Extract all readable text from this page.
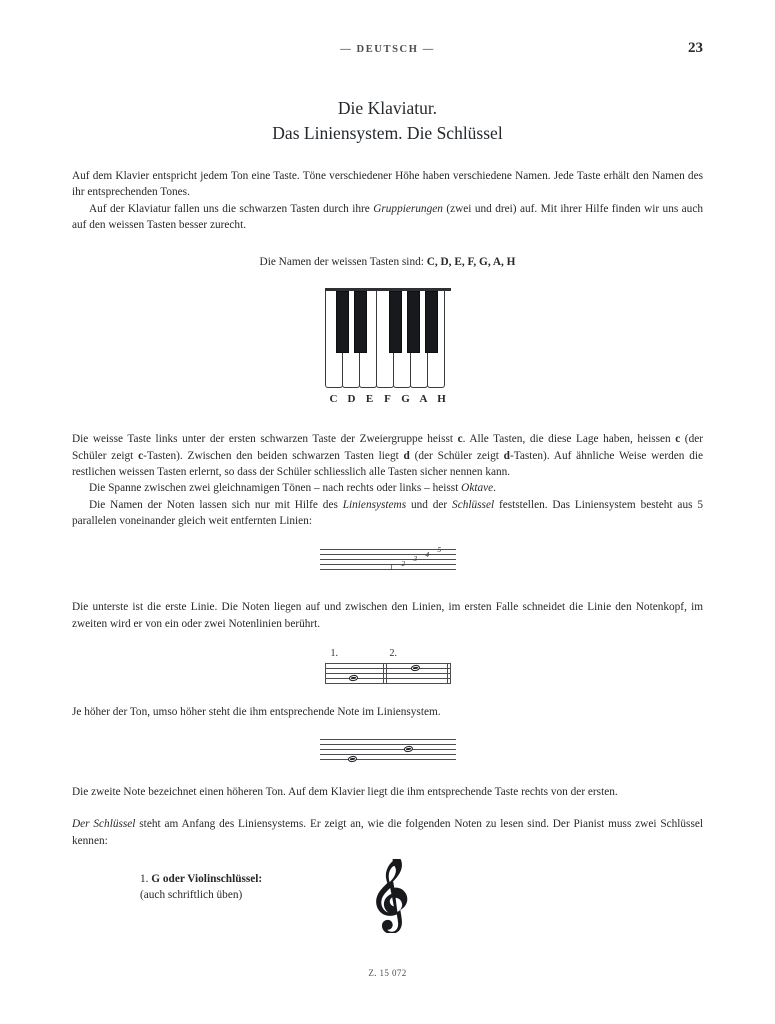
— DEUTSCH —	23
Die Klaviatur.
Das Liniensystem. Die Schlüssel

Auf dem Klavier entspricht jedem Ton eine Taste. Töne verschiedener Höhe haben verschiedene Namen. Jede Taste erhält den Namen des ihr entsprechenden Tones.

Auf der Klaviatur fallen uns die schwarzen Tasten durch ihre Gruppierungen (zwei und drei) auf. Mit ihrer Hilfe finden wir uns auch auf den weissen Tasten besser zurecht.

Die Namen der weissen Tasten sind: C, D, E, F, G, A, H

C D E F G A H

Die weisse Taste links unter der ersten schwarzen Taste der Zweiergruppe heisst c. Alle Tasten, die diese Lage haben, heissen c (der Schüler zeigt c-Tasten). Zwischen den beiden schwarzen Tasten liegt d (der Schüler zeigt d-Tasten). Auf ähnliche Weise werden die restlichen weissen Tasten erlernt, so dass der Schüler schliesslich alle Tasten sicher nennen kann.

Die Spanne zwischen zwei gleichnamigen Tönen – nach rechts oder links – heisst Oktave.

Die Namen der Noten lassen sich nur mit Hilfe des Liniensystems und der Schlüssel feststellen. Das Liniensystem besteht aus 5 parallelen voneinander gleich weit entfernten Linien:

1
2
3
4
5

Die unterste ist die erste Linie. Die Noten liegen auf und zwischen den Linien, im ersten Falle schneidet die Linie den Notenkopf, im zweiten wird er von ein oder zwei Notenlinien berührt.

1.	2.

Je höher der Ton, umso höher steht die ihm entsprechende Note im Liniensystem.

Die zweite Note bezeichnet einen höheren Ton. Auf dem Klavier liegt die ihm entsprechende Taste rechts von der ersten.

Der Schlüssel steht am Anfang des Liniensystems. Er zeigt an, wie die folgenden Noten zu lesen sind. Der Pianist muss zwei Schlüssel kennen:

1. G oder Violinschlüssel:
(auch schriftlich üben)
Z. 15 072
